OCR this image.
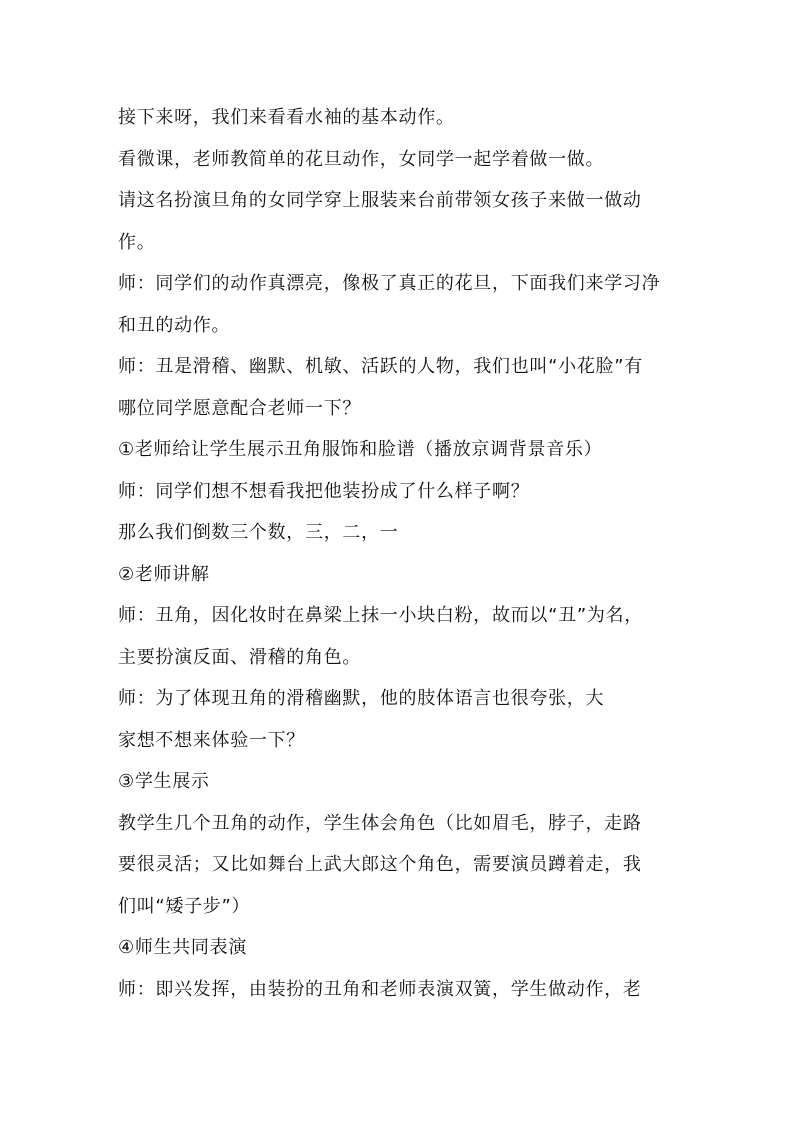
接下来呀，我们来看看水袖的基本动作。
看微课，老师教简单的花旦动作，女同学一起学着做一做。
请这名扮演旦角的女同学穿上服装来台前带领女孩子来做一做动
作。
师：同学们的动作真漂亮，像极了真正的花旦，下面我们来学习净
和丑的动作。
师：丑是滑稽、幽默、机敏、活跃的人物，我们也叫“小花脸”有
哪位同学愿意配合老师一下？
①老师给让学生展示丑角服饰和脸谱（播放京调背景音乐）
师：同学们想不想看我把他装扮成了什么样子啊？
那么我们倒数三个数，三，二，一
②老师讲解
师：丑角，因化妆时在鼻梁上抹一小块白粉，故而以“丑”为名，
主要扮演反面、滑稽的角色。
师：为了体现丑角的滑稽幽默，他的肢体语言也很夸张，大
家想不想来体验一下？
③学生展示
教学生几个丑角的动作，学生体会角色（比如眉毛，脖子，走路
要很灵活；又比如舞台上武大郎这个角色，需要演员蹲着走，我
们叫“矮子步”）
④师生共同表演
师：即兴发挥，由装扮的丑角和老师表演双簧，学生做动作，老
